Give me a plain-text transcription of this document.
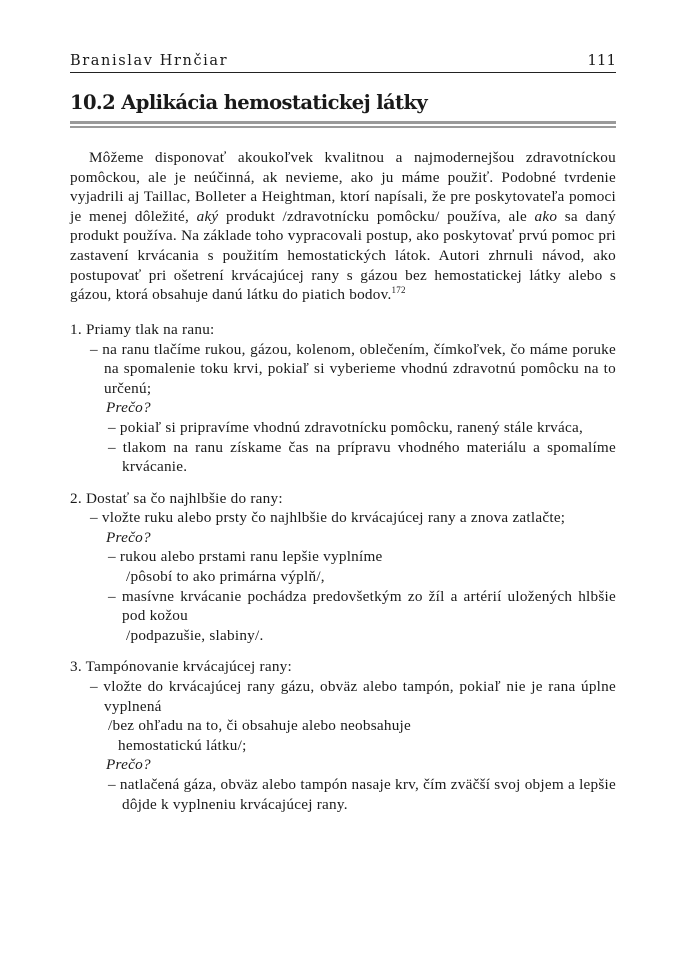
Branislav Hrnčiar	111
10.2 Aplikácia hemostatickej látky

Môžeme disponovať akoukoľvek kvalitnou a najmodernejšou zdravotníckou pomôckou, ale je neúčinná, ak nevieme, ako ju máme použiť. Podobné tvrdenie vyjadrili aj Taillac, Bolleter a Heightman, ktorí napísali, že pre poskytovateľa pomoci je menej dôležité, aký produkt /zdravotnícku pomôcku/ používa, ale ako sa daný produkt používa. Na základe toho vypracovali postup, ako poskytovať prvú pomoc pri zastavení krvácania s použitím hemostatických látok. Autori zhrnuli návod, ako postupovať pri ošetrení krvácajúcej rany s gázou bez hemostatickej látky alebo s gázou, ktorá obsahuje danú látku do piatich bodov.$^{172}$

1. Priamy tlak na ranu:
– na ranu tlačíme rukou, gázou, kolenom, oblečením, čímkoľvek, čo máme poruke na spomalenie toku krvi, pokiaľ si vyberieme vhodnú zdravotnú pomôcku na to určenú;
Prečo?
– pokiaľ si pripravíme vhodnú zdravotnícku pomôcku, ranený stále krváca,
– tlakom na ranu získame čas na prípravu vhodného materiálu a spomalíme krvácanie.
2. Dostať sa čo najhlbšie do rany:
– vložte ruku alebo prsty čo najhlbšie do krvácajúcej rany a znova zatlačte;
Prečo?
– rukou alebo prstami ranu lepšie vyplníme
/pôsobí to ako primárna výplň/,
– masívne krvácanie pochádza predovšetkým zo žíl a artérií uložených hlbšie pod kožou
/podpazušie, slabiny/.
3. Tampónovanie krvácajúcej rany:
– vložte do krvácajúcej rany gázu, obväz alebo tampón, pokiaľ nie je rana úplne vyplnená
/bez ohľadu na to, či obsahuje alebo neobsahuje
hemostatickú látku/;
Prečo?
– natlačená gáza, obväz alebo tampón nasaje krv, čím zväčší svoj objem a lepšie dôjde k vyplneniu krvácajúcej rany.
